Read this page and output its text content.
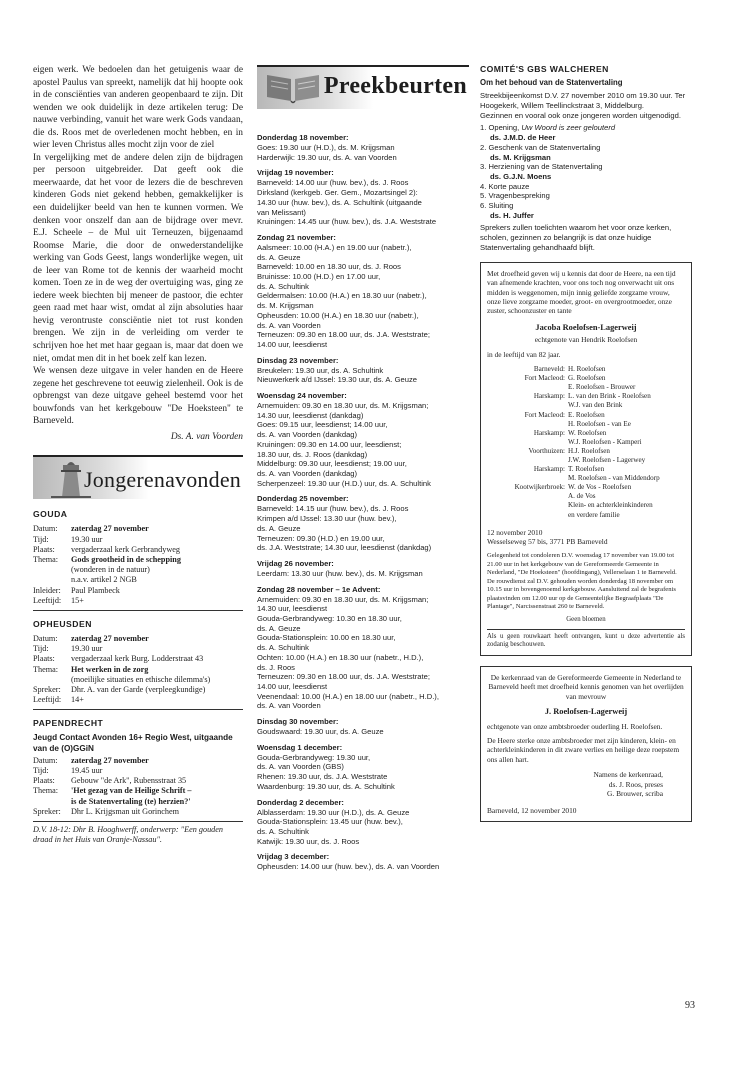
eigen werk. We bedoelen dan het getuigenis waar de apostel Paulus van spreekt, namelijk dat hij hoopte ook in de consciënties van anderen geopenbaard te zijn. Dit wenden we ook duidelijk in deze artikelen terug: De nauwe verbinding, vanuit het ware werk Gods vandaan, die ds. Roos met de overledenen mocht hebben, en in wier leven Christus alles mocht zijn voor de ziel

In vergelijking met de andere delen zijn de bijdragen per persoon uitgebreider. Dat geeft ook die meerwaarde, dat het voor de lezers die de beschreven kinderen Gods niet gekend hebben, gemakkelijker is een duidelijker beeld van hen te kunnen vormen. We denken voor onszelf dan aan de bijdrage over mevr. E.J. Scheele – de Mul uit Terneuzen, bijgenaamd Roomse Marie, die door de onwederstandelijke werking van Gods Geest, langs wonderlijke wegen, uit de leer van Rome tot de kennis der waarheid mocht komen. Toen ze in de weg der overtuiging was, ging ze iedere week biechten bij meneer de pastoor, die echter geen raad met haar wist, omdat al zijn absoluties haar hevig verontruste consciëntie niet tot rust konden brengen. We zijn in de verleiding om verder te schrijven hoe het met haar gegaan is, maar dat doen we niet, omdat men dit in het boek zelf kan lezen.

We wensen deze uitgave in veler handen en de Heere zegene het geschrevene tot eeuwig zielenheil. Ook is de opbrengst van deze uitgave geheel bestemd voor het bouwfonds van het kerkgebouw "De Hoeksteen" te Barneveld.

Ds. A. van Voorden

Jongerenavonden
GOUDA
Datum:	zaterdag 27 november
Tijd:	19.30 uur
Plaats:	vergaderzaal kerk Gerbrandyweg
Thema:	Gods grootheid in de schepping
	(wonderen in de natuur)
	n.a.v. artikel 2 NGB
Inleider:	Paul Plambeck
Leeftijd:	15+
OPHEUSDEN
Datum:	zaterdag 27 november
Tijd:	19.30 uur
Plaats:	vergaderzaal kerk Burg. Lodderstraat 43
Thema:	Het werken in de zorg
	(moeilijke situaties en ethische dilemma's)
Spreker:	Dhr. A. van der Garde (verpleegkundige)
Leeftijd:	14+
PAPENDRECHT

Jeugd Contact Avonden 16+ Regio West, uitgaande van de (O)GGiN

Datum:	zaterdag 27 november
Tijd:	19.45 uur
Plaats:	Gebouw "de Ark", Rubensstraat 35
Thema:	'Het gezag van de Heilige Schrift –
	is de Statenvertaling (te) herzien?'
Spreker:	Dhr L. Krijgsman uit Gorinchem

D.V. 18-12: Dhr B. Hooghwerff, onderwerp: "Een gouden draad in het Huis van Oranje-Nassau".

Preekbeurten
Donderdag 18 november:
Goes: 19.30 uur (H.D.), ds. M. Krijgsman
Harderwijk: 19.30 uur, ds. A. van Voorden
Vrijdag 19 november:
Barneveld: 14.00 uur (huw. bev.), ds. J. Roos
Dirksland (kerkgeb. Ger. Gem., Mozartsingel 2):
14.30 uur (huw. bev.), ds. A. Schultink (uitgaande
van Melissant)
Kruiningen: 14.45 uur (huw. bev.), ds. J.A. Weststrate
Zondag 21 november:
Aalsmeer: 10.00 (H.A.) en 19.00 uur (nabetr.),
ds. A. Geuze
Barneveld: 10.00 en 18.30 uur, ds. J. Roos
Bruinisse: 10.00 (H.D.) en 17.00 uur,
ds. A. Schultink
Geldermalsen: 10.00 (H.A.) en 18.30 uur (nabetr.),
ds. M. Krijgsman
Opheusden: 10.00 (H.A.) en 18.30 uur (nabetr.),
ds. A. van Voorden
Terneuzen: 09.30 en 18.00 uur, ds. J.A. Weststrate;
14.00 uur, leesdienst
Dinsdag 23 november:
Breukelen: 19.30 uur, ds. A. Schultink
Nieuwerkerk a/d IJssel: 19.30 uur, ds. A. Geuze
Woensdag 24 november:
Arnemuiden: 09.30 en 18.30 uur, ds. M. Krijgsman;
14.30 uur, leesdienst (dankdag)
Goes: 09.15 uur, leesdienst; 14.00 uur,
ds. A. van Voorden (dankdag)
Kruiningen: 09.30 en 14.00 uur, leesdienst;
18.30 uur, ds. J. Roos (dankdag)
Middelburg: 09.30 uur, leesdienst; 19.00 uur,
ds. A. van Voorden (dankdag)
Scherpenzeel: 19.30 uur (H.D.) uur, ds. A. Schultink
Donderdag 25 november:
Barneveld: 14.15 uur (huw. bev.), ds. J. Roos
Krimpen a/d IJssel: 13.30 uur (huw. bev.),
ds. A. Geuze
Terneuzen: 09.30 (H.D.) en 19.00 uur,
ds. J.A. Weststrate; 14.30 uur, leesdienst (dankdag)
Vrijdag 26 november:
Leerdam: 13.30 uur (huw. bev.), ds. M. Krijgsman
Zondag 28 november – 1e Advent:
Arnemuiden: 09.30 en 18.30 uur, ds. M. Krijgsman;
14.30 uur, leesdienst
Gouda-Gerbrandyweg: 10.30 en 18.30 uur,
ds. A. Geuze
Gouda-Stationsplein: 10.00 en 18.30 uur,
ds. A. Schultink
Ochten: 10.00 (H.A.) en 18.30 uur (nabetr., H.D.),
ds. J. Roos
Terneuzen: 09.30 en 18.00 uur, ds. J.A. Weststrate;
14.00 uur, leesdienst
Veenendaal: 10.00 (H.A.) en 18.00 uur (nabetr., H.D.),
ds. A. van Voorden
Dinsdag 30 november:
Goudswaard: 19.30 uur, ds. A. Geuze
Woensdag 1 december:
Gouda-Gerbrandyweg: 19.30 uur,
ds. A. van Voorden (GBS)
Rhenen: 19.30 uur, ds. J.A. Weststrate
Waardenburg: 19.30 uur, ds. A. Schultink
Donderdag 2 december:
Alblasserdam: 19.30 uur (H.D.), ds. A. Geuze
Gouda-Stationsplein: 13.45 uur (huw. bev.),
ds. A. Schultink
Katwijk: 19.30 uur, ds. J. Roos
Vrijdag 3 december:
Opheusden: 14.00 uur (huw. bev.), ds. A. van Voorden
COMITÉ'S GBS WALCHEREN
Om het behoud van de Statenvertaling

Streekbijeenkomst D.V. 27 november 2010 om 19.30 uur. Ter Hoogekerk, Willem Teellinckstraat 3, Middelburg.

Gezinnen en vooral ook onze jongeren worden uitgenodigd.

1. Opening, Uw Woord is zeer gelouterd
ds. J.M.D. de Heer
2. Geschenk van de Statenvertaling
ds. M. Krijgsman
3. Herziening van de Statenvertaling
ds. G.J.N. Moens
4. Korte pauze
5. Vragenbespreking
6. Sluiting
ds. H. Juffer

Sprekers zullen toelichten waarom het voor onze kerken, scholen, gezinnen zo belangrijk is dat onze huidige Statenvertaling gehandhaafd blijft.

Met droefheid geven wij u kennis dat door de Heere, na een tijd van afnemende krachten, voor ons toch nog onverwacht uit ons midden is weggenomen, mijn innig geliefde zorgzame vrouw, onze lieve zorgzame moeder, groot- en overgrootmoeder, onze zuster, schoonzuster en tante

Jacoba Roelofsen-Lagerweij

echtgenote van Hendrik Roelofsen

in de leeftijd van 82 jaar.

Barneveld:	H. Roelofsen
Fort Macleod:	G. Roelofsen
	E. Roelofsen - Brouwer
Harskamp:	L. van den Brink - Roelofsen
	W.J. van den Brink
Fort Macleod:	E. Roelofsen
	H. Roelofsen - van Ee
Harskamp:	W. Roelofsen
	W.J. Roelofsen - Kamperi
Voorthuizen:	H.J. Roelofsen
	J.W. Roelofsen - Lagerwey
Harskamp:	T. Roelofsen
	M. Roelofsen - van Middendorp
Kootwijkerbroek:	W. de Vos - Roelofsen
	A. de Vos
	Klein- en achterkleinkinderen
	en verdere familie

12 november 2010

Wesselseweg 57 bis, 3771 PB Barneveld

Gelegenheid tot condoleren D.V. woensdag 17 november van 19.00 tot 21.00 uur in het kerkgebouw van de Gereformeerde Gemeente in Nederland, "De Hoeksteen" (hoofdingang), Vellerselaan 1 te Barneveld. De rouwdienst zal D.V. gehouden worden donderdag 18 november om 10.15 uur in bovengenoemd kerkgebouw. Aansluitend zal de begrafenis plaatsvinden om 12.00 uur op de Gemeentelijke Begraafplaats "De Plantage", Narcissenstraat 260 te Barneveld.

Geen bloemen

Als u geen rouwkaart heeft ontvangen, kunt u deze advertentie als zodanig beschouwen.

De kerkenraad van de Gereformeerde Gemeente in Nederland te Barneveld heeft met droefheid kennis genomen van het overlijden van mevrouw

J. Roelofsen-Lagerweij

echtgenote van onze ambtsbroeder ouderling H. Roelofsen.

De Heere sterke onze ambtsbroeder met zijn kinderen, klein- en achterkleinkinderen in dit zware verlies en heilige deze roepstem ons allen hart.

Namens de kerkenraad,

ds. J. Roos, preses

G. Brouwer, scriba

Barneveld, 12 november 2010

93
